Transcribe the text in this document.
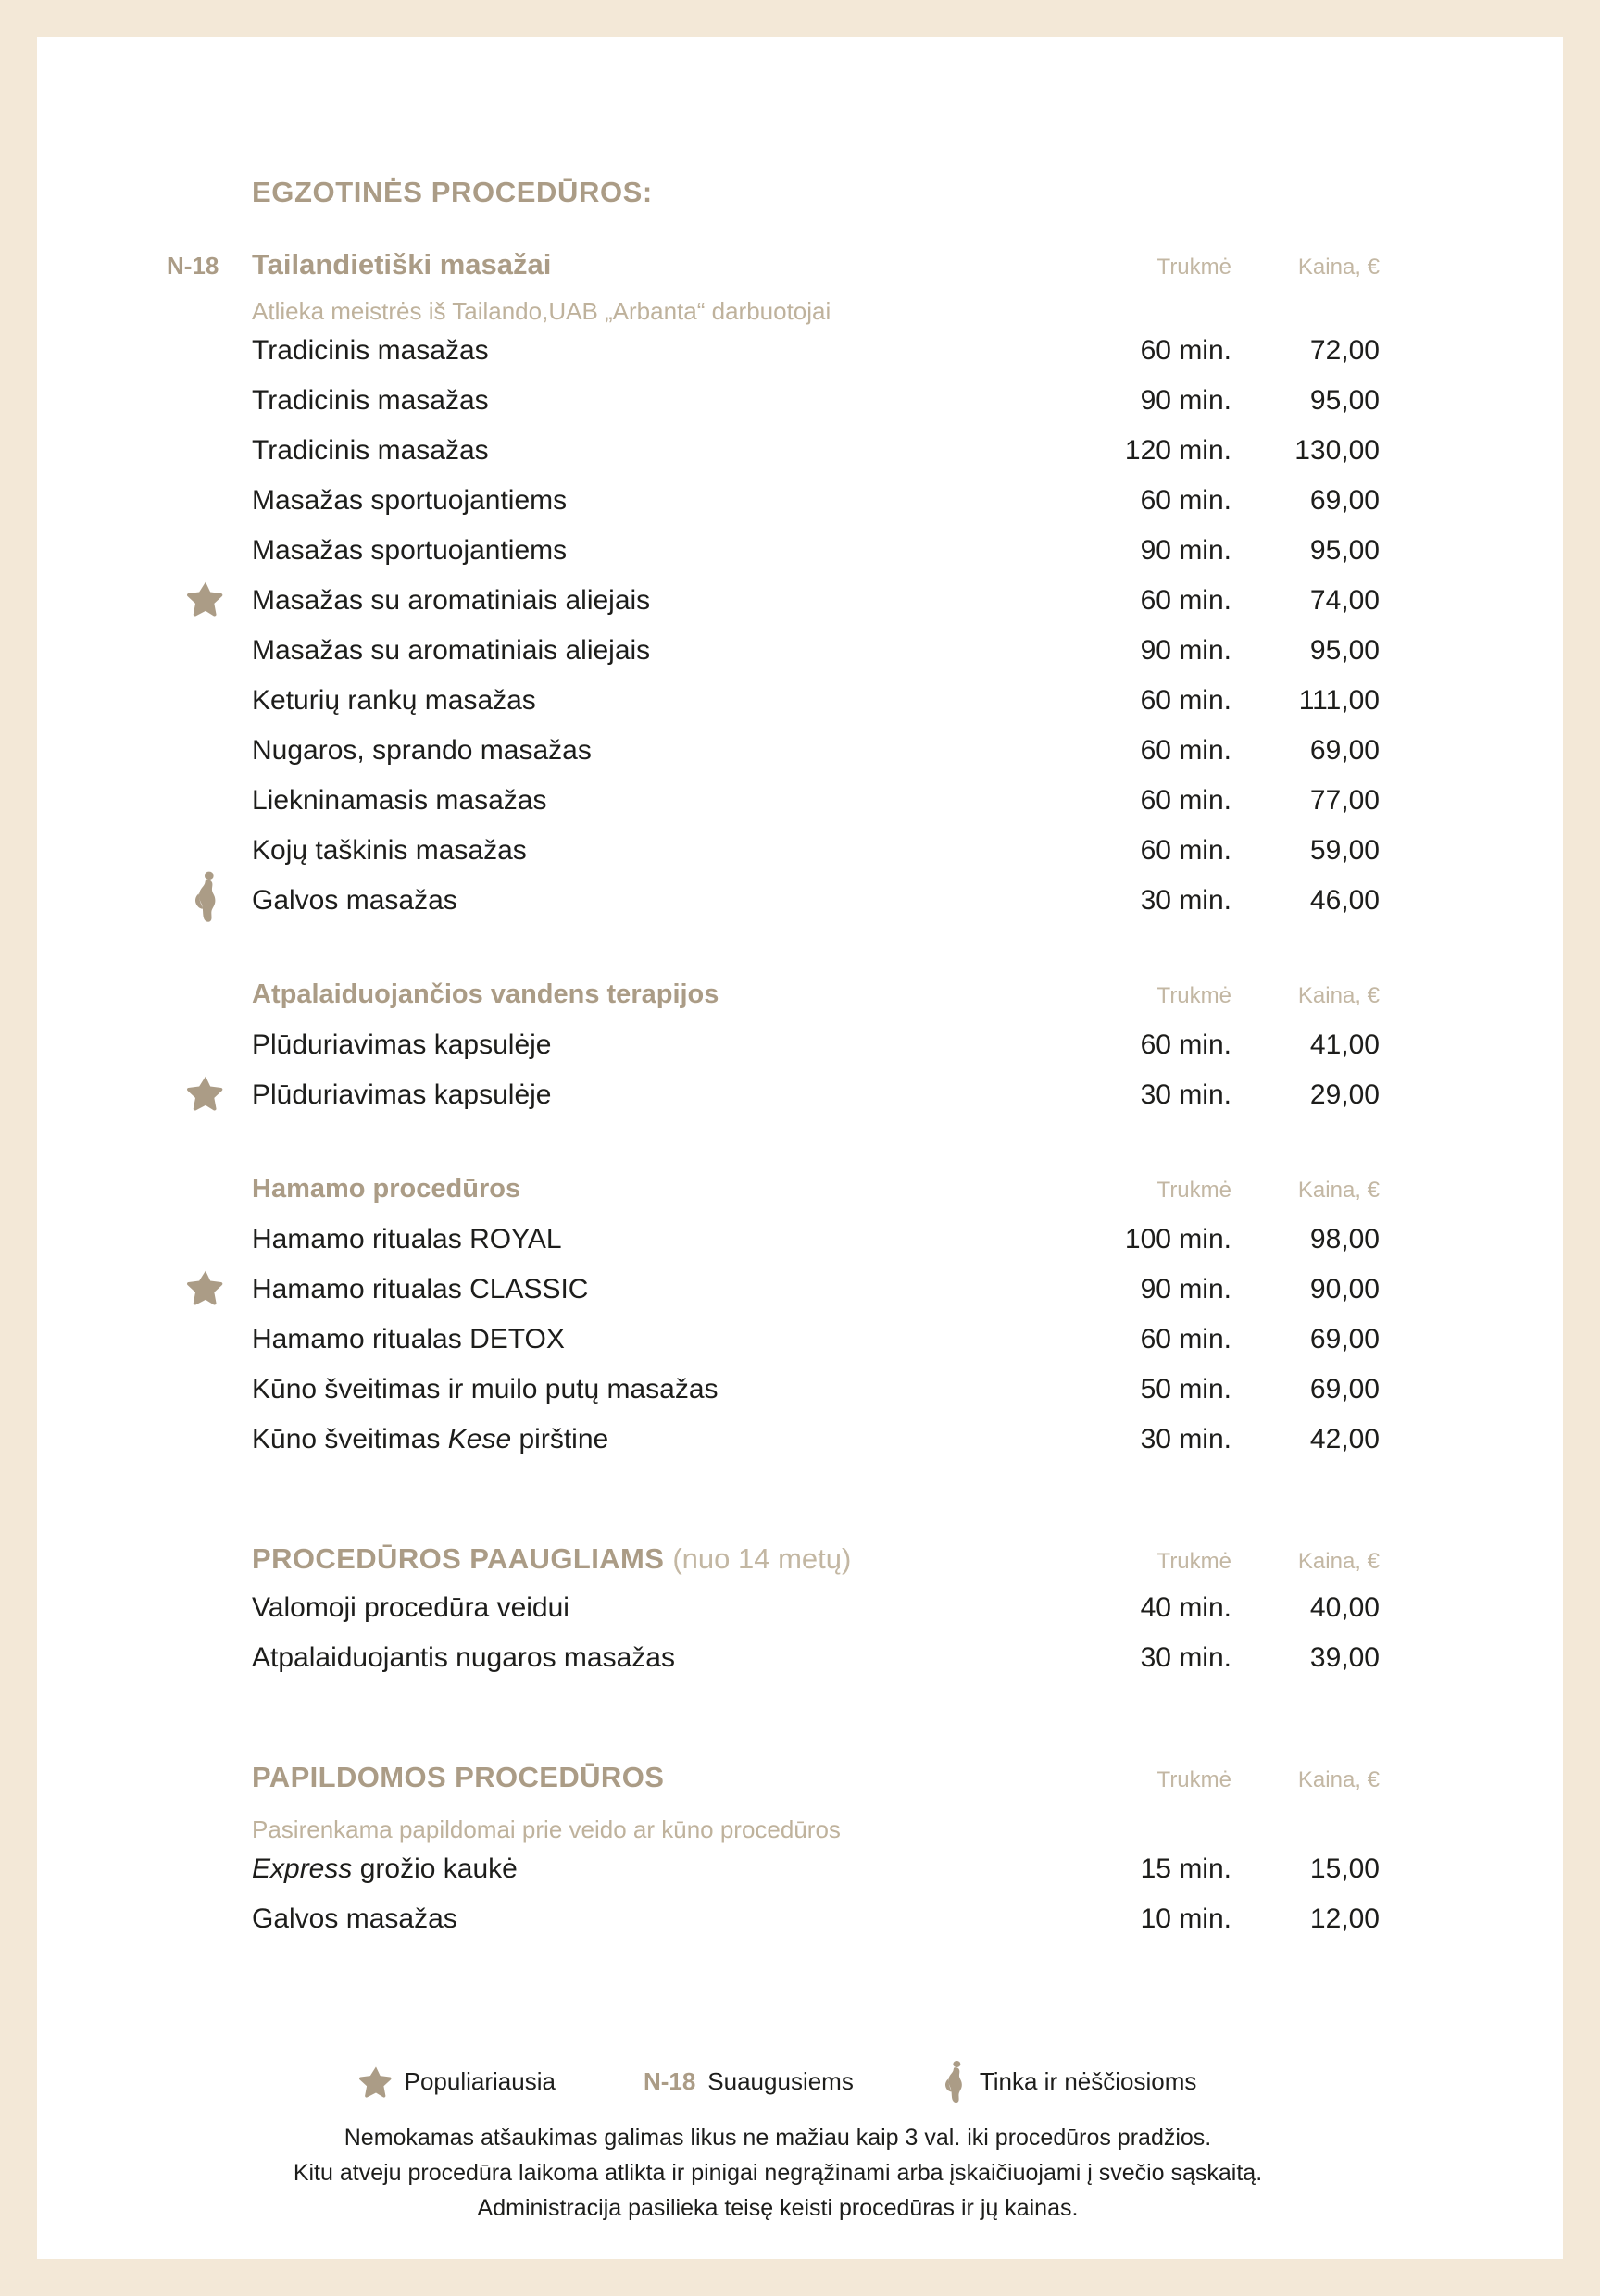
EGZOTINĖS PROCEDŪROS:
N-18	Tailandietiški masažai	Trukmė	Kaina, €
Atlieka meistrės iš Tailando,UAB „Arbanta“ darbuotojai
Tradicinis masažas	60 min.	72,00
Tradicinis masažas	90 min.	95,00
Tradicinis masažas	120 min.	130,00
Masažas sportuojantiems	60 min.	69,00
Masažas sportuojantiems	90 min.	95,00
Masažas su aromatiniais aliejais	60 min.	74,00
Masažas su aromatiniais aliejais	90 min.	95,00
Keturių rankų masažas	60 min.	111,00
Nugaros, sprando masažas	60 min.	69,00
Liekninamasis masažas	60 min.	77,00
Kojų taškinis masažas	60 min.	59,00
Galvos masažas	30 min.	46,00
Atpalaiduojančios vandens terapijos	Trukmė	Kaina, €
Plūduriavimas kapsulėje	60 min.	41,00
Plūduriavimas kapsulėje	30 min.	29,00
Hamamo procedūros	Trukmė	Kaina, €
Hamamo ritualas ROYAL	100 min.	98,00
Hamamo ritualas CLASSIC	90 min.	90,00
Hamamo ritualas DETOX	60 min.	69,00
Kūno šveitimas ir muilo putų masažas	50 min.	69,00
Kūno šveitimas Kese pirštine	30 min.	42,00
PROCEDŪROS PAAUGLIAMS (nuo 14 metų)	Trukmė	Kaina, €
Valomoji procedūra veidui	40 min.	40,00
Atpalaiduojantis nugaros masažas	30 min.	39,00
PAPILDOMOS PROCEDŪROS	Trukmė	Kaina, €
Pasirenkama papildomai prie veido ar kūno procedūros
Express grožio kaukė	15 min.	15,00
Galvos masažas	10 min.	12,00
Populiariausia	N-18 Suaugusiems	Tinka ir nėščiosioms
Nemokamas atšaukimas galimas likus ne mažiau kaip 3 val. iki procedūros pradžios.
Kitu atveju procedūra laikoma atlikta ir pinigai negrąžinami arba įskaičiuojami į svečio sąskaitą.
Administracija pasilieka teisę keisti procedūras ir jų kainas.
